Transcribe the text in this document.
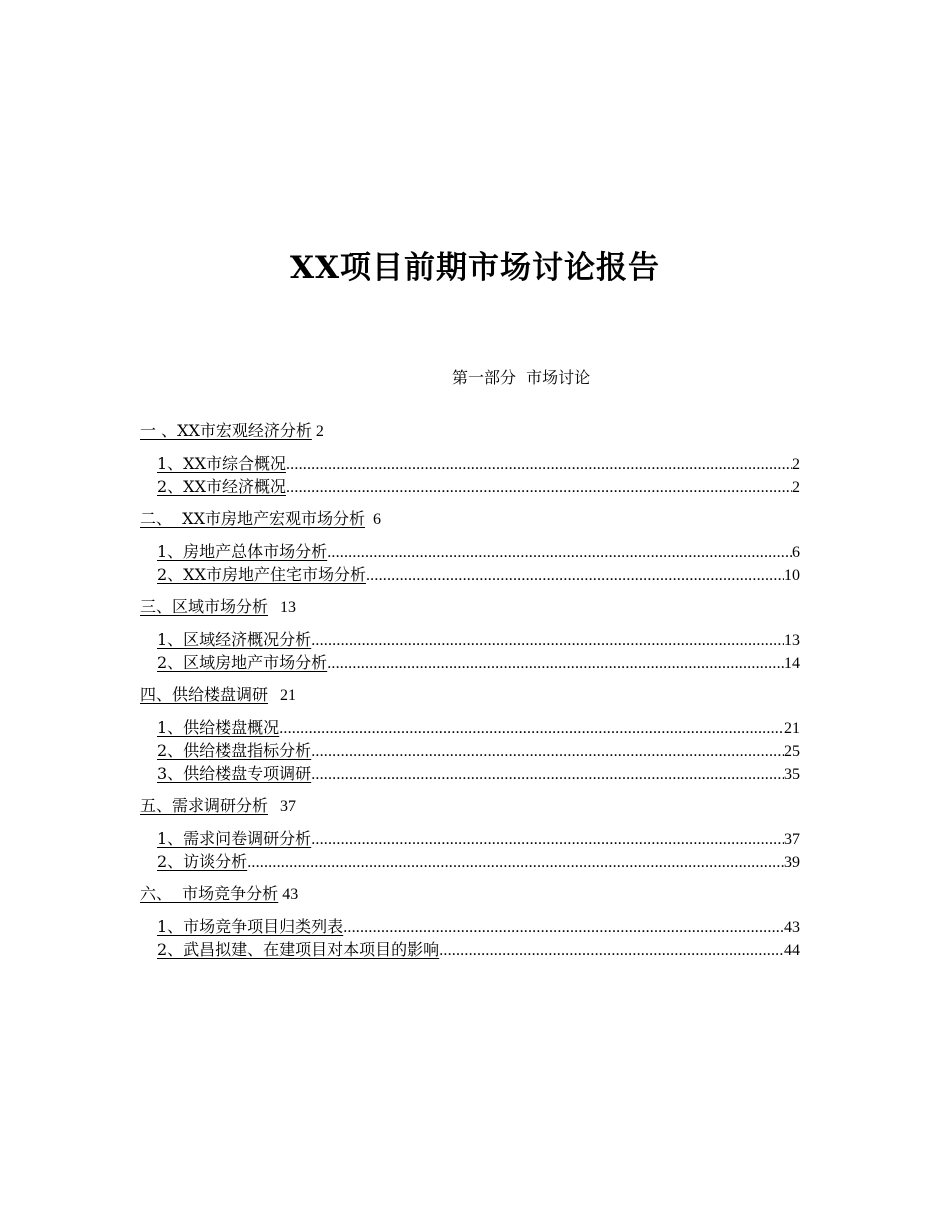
XX项目前期市场讨论报告
第一部分  市场讨论
一 、XX市宏观经济分析 2
1、XX市综合概况 .....	2
2、XX市经济概况 .....	2
二、  XX市房地产宏观市场分析  6
1、房地产总体市场分析 .....	6
2、XX市房地产住宅市场分析 .....	10
三、区域市场分析   13
1、区域经济概况分析 .....	13
2、区域房地产市场分析 .....	14
四、供给楼盘调研   21
1、供给楼盘概况 .....	21
2、供给楼盘指标分析 .....	25
3、供给楼盘专项调研 .....	35
五、需求调研分析   37
1、需求问卷调研分析 .....	37
2、访谈分析 .....	39
六、  市场竞争分析 43
1、市场竞争项目归类列表 .....	43
2、武昌拟建、在建项目对本项目的影响 .....	44
